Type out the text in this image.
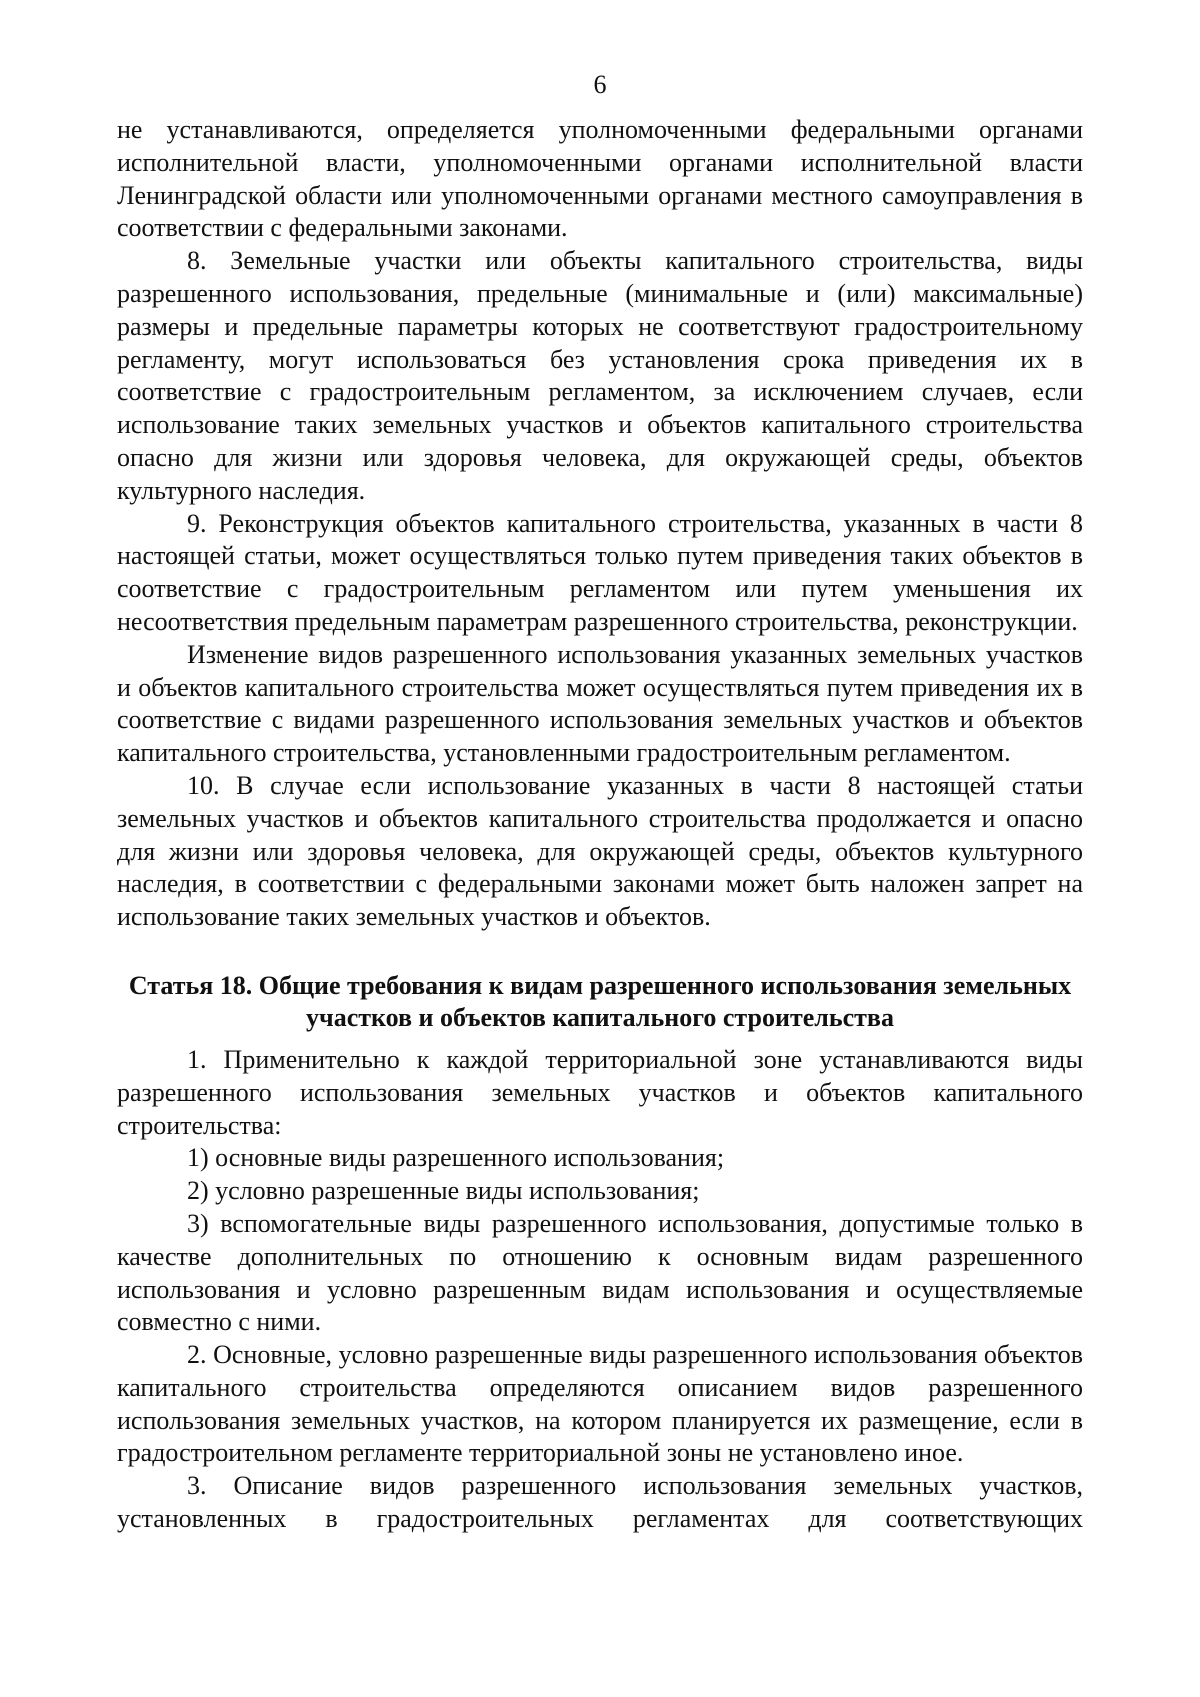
6

не устанавливаются, определяется уполномоченными федеральными органами исполнительной власти, уполномоченными органами исполнительной власти Ленинградской области или уполномоченными органами местного самоуправления в соответствии с федеральными законами.

8. Земельные участки или объекты капитального строительства, виды разрешенного использования, предельные (минимальные и (или) максимальные) размеры и предельные параметры которых не соответствуют градостроительному регламенту, могут использоваться без установления срока приведения их в соответствие с градостроительным регламентом, за исключением случаев, если использование таких земельных участков и объектов капитального строительства опасно для жизни или здоровья человека, для окружающей среды, объектов культурного наследия.

9. Реконструкция объектов капитального строительства, указанных в части 8 настоящей статьи, может осуществляться только путем приведения таких объектов в соответствие с градостроительным регламентом или путем уменьшения их несоответствия предельным параметрам разрешенного строительства, реконструкции.

Изменение видов разрешенного использования указанных земельных участков и объектов капитального строительства может осуществляться путем приведения их в соответствие с видами разрешенного использования земельных участков и объектов капитального строительства, установленными градостроительным регламентом.

10. В случае если использование указанных в части 8 настоящей статьи земельных участков и объектов капитального строительства продолжается и опасно для жизни или здоровья человека, для окружающей среды, объектов культурного наследия, в соответствии с федеральными законами может быть наложен запрет на использование таких земельных участков и объектов.

Статья 18. Общие требования к видам разрешенного использования земельных участков и объектов капитального строительства

1. Применительно к каждой территориальной зоне устанавливаются виды разрешенного использования земельных участков и объектов капитального строительства:

1) основные виды разрешенного использования;

2) условно разрешенные виды использования;

3) вспомогательные виды разрешенного использования, допустимые только в качестве дополнительных по отношению к основным видам разрешенного использования и условно разрешенным видам использования и осуществляемые совместно с ними.

2. Основные, условно разрешенные виды разрешенного использования объектов капитального строительства определяются описанием видов разрешенного использования земельных участков, на котором планируется их размещение, если в градостроительном регламенте территориальной зоны не установлено иное.

3. Описание видов разрешенного использования земельных участков, установленных в градостроительных регламентах для соответствующих
